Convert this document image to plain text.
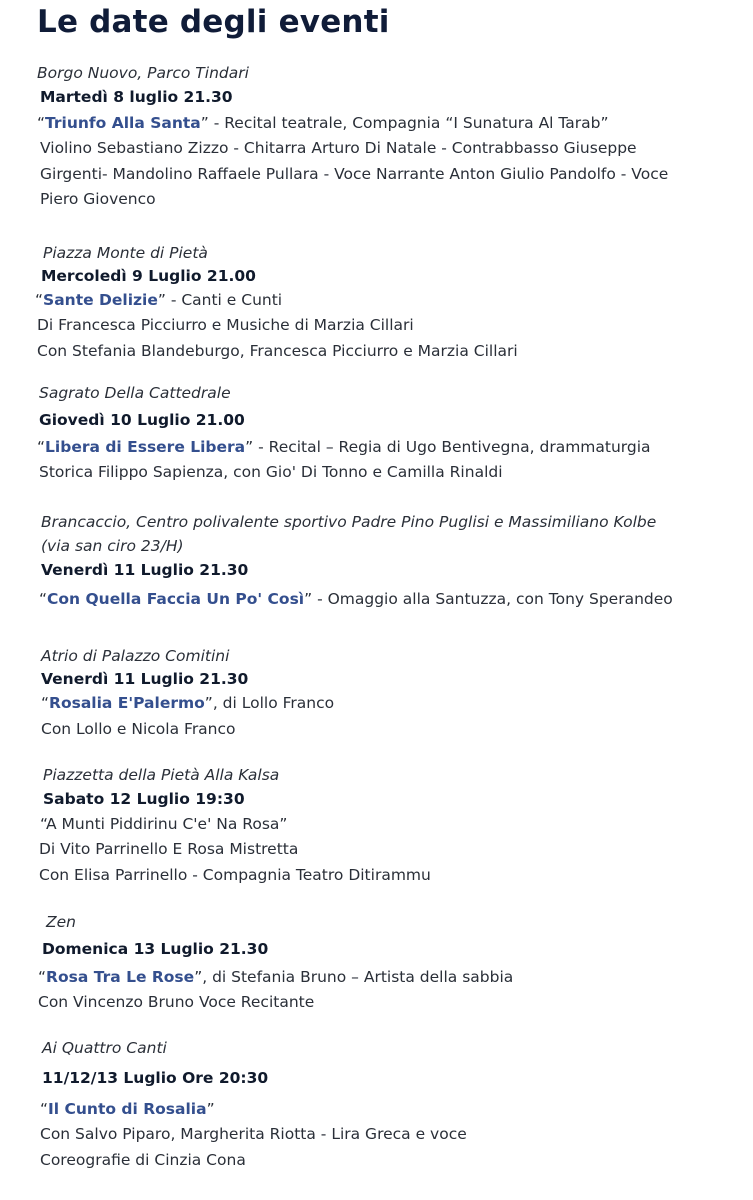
Le date degli eventi
Borgo Nuovo, Parco Tindari
Martedì 8 luglio 21.30
“Triunfo Alla Santa” - Recital teatrale, Compagnia “I Sunatura Al Tarab”
Violino Sebastiano Zizzo - Chitarra Arturo Di Natale - Contrabbasso Giuseppe
Girgenti- Mandolino Raffaele Pullara - Voce Narrante Anton Giulio Pandolfo - Voce
Piero Giovenco
Piazza Monte di Pietà
Mercoledì 9 Luglio 21.00
“Sante Delizie” - Canti e Cunti
Di Francesca Picciurro e Musiche di Marzia Cillari
Con Stefania Blandeburgo, Francesca Picciurro e Marzia Cillari
Sagrato Della Cattedrale
Giovedì 10 Luglio 21.00
“Libera di Essere Libera” - Recital – Regia di Ugo Bentivegna, drammaturgia
Storica Filippo Sapienza, con Gio' Di Tonno e Camilla Rinaldi
Brancaccio, Centro polivalente sportivo Padre Pino Puglisi e Massimiliano Kolbe
(via san ciro 23/H)
Venerdì 11 Luglio 21.30
“Con Quella Faccia Un Po' Così” - Omaggio alla Santuzza, con Tony Sperandeo
Atrio di Palazzo Comitini
Venerdì 11 Luglio 21.30
“Rosalia E'Palermo”, di Lollo Franco
Con Lollo e Nicola Franco
Piazzetta della Pietà Alla Kalsa
Sabato 12 Luglio 19:30
“A Munti Piddirinu C'e' Na Rosa”
Di Vito Parrinello E Rosa Mistretta
Con Elisa Parrinello - Compagnia Teatro Ditirammu
Zen
Domenica 13 Luglio 21.30
“Rosa Tra Le Rose”, di Stefania Bruno – Artista della sabbia
Con Vincenzo Bruno Voce Recitante
Ai Quattro Canti
11/12/13 Luglio Ore 20:30
“Il Cunto di Rosalia”
Con Salvo Piparo, Margherita Riotta - Lira Greca e voce
Coreografie di Cinzia Cona
